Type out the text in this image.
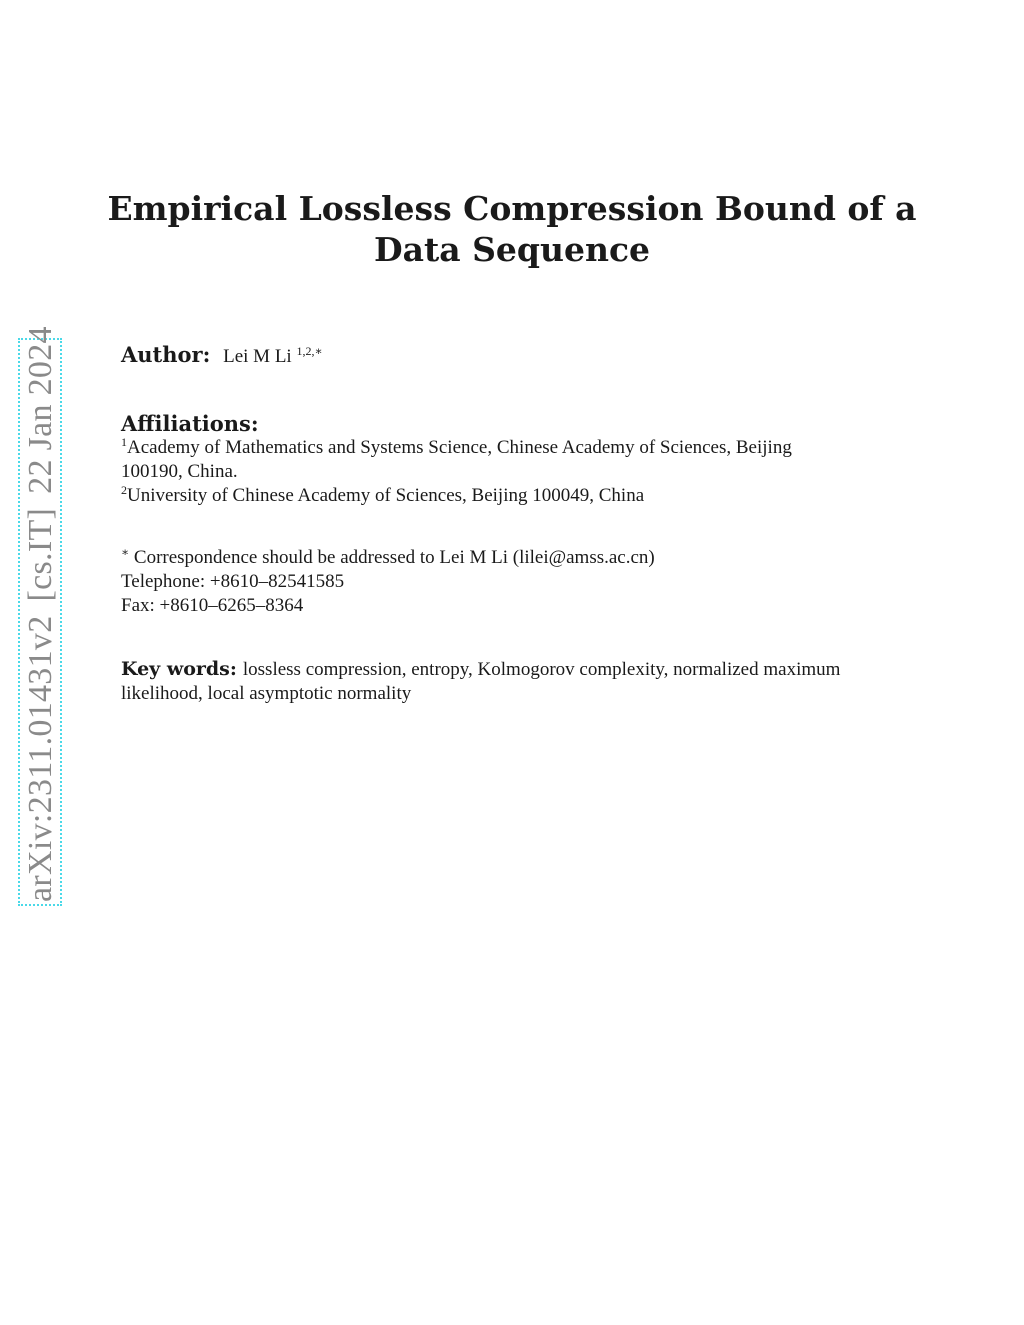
arXiv:2311.01431v2[cs.IT]22 Jan 2024
Empirical Lossless Compression Bound of a
Data Sequence
Author: Lei M Li $^{1,2,∗}$
Affiliations:
$^1$Academy of Mathematics and Systems Science, Chinese Academy of Sciences, Beijing
100190, China.
$^2$University of Chinese Academy of Sciences, Beijing 100049, China
∗ Correspondence should be addressed to Lei M Li (lilei@amss.ac.cn)
Telephone: +8610–82541585
Fax: +8610–6265–8364
Key words: lossless compression, entropy, Kolmogorov complexity, normalized maximum
likelihood, local asymptotic normality
